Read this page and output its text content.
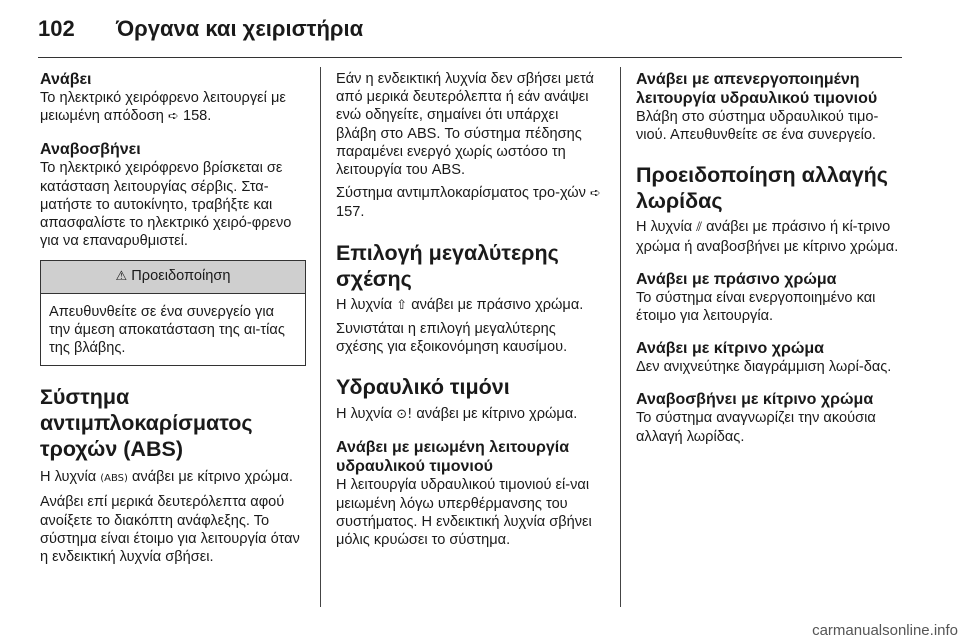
102	Όργανα και χειριστήρια
Ανάβει

Το ηλεκτρικό χειρόφρενο λειτουργεί με μειωμένη απόδοση ➪ 158.

Αναβοσβήνει

Το ηλεκτρικό χειρόφρενο βρίσκεται σε κατάσταση λειτουργίας σέρβις. Στα-ματήστε το αυτοκίνητο, τραβήξτε και απασφαλίστε το ηλεκτρικό χειρό-φρενο για να επαναρυθμιστεί.

⚠ Προειδοποίηση
Απευθυνθείτε σε ένα συνεργείο για την άμεση αποκατάσταση της αι-τίας της βλάβης.
Σύστημα αντιμπλοκαρίσματος τροχών (ABS)

Η λυχνία (ABS) ανάβει με κίτρινο χρώμα.

Ανάβει επί μερικά δευτερόλεπτα αφού ανοίξετε το διακόπτη ανάφλεξης. Το σύστημα είναι έτοιμο για λειτουργία όταν η ενδεικτική λυχνία σβήσει.

Εάν η ενδεικτική λυχνία δεν σβήσει μετά από μερικά δευτερόλεπτα ή εάν ανάψει ενώ οδηγείτε, σημαίνει ότι υπάρχει βλάβη στο ABS. Το σύστημα πέδησης παραμένει ενεργό χωρίς ωστόσο τη λειτουργία του ABS.

Σύστημα αντιμπλοκαρίσματος τρο-χών ➪ 157.

Επιλογή μεγαλύτερης σχέσης

Η λυχνία ⇧ ανάβει με πράσινο χρώμα.

Συνιστάται η επιλογή μεγαλύτερης σχέσης για εξοικονόμηση καυσίμου.

Υδραυλικό τιμόνι

Η λυχνία ⊙! ανάβει με κίτρινο χρώμα.

Ανάβει με μειωμένη λειτουργία υδραυλικού τιμονιού

Η λειτουργία υδραυλικού τιμονιού εί-ναι μειωμένη λόγω υπερθέρμανσης του συστήματος. Η ενδεικτική λυχνία σβήνει μόλις κρυώσει το σύστημα.

Ανάβει με απενεργοποιημένη λειτουργία υδραυλικού τιμονιού

Βλάβη στο σύστημα υδραυλικού τιμο-νιού. Απευθυνθείτε σε ένα συνεργείο.

Προειδοποίηση αλλαγής λωρίδας

Η λυχνία ⫽ ανάβει με πράσινο ή κί-τρινο χρώμα ή αναβοσβήνει με κίτρινο χρώμα.

Ανάβει με πράσινο χρώμα

Το σύστημα είναι ενεργοποιημένο και έτοιμο για λειτουργία.

Ανάβει με κίτρινο χρώμα

Δεν ανιχνεύτηκε διαγράμμιση λωρί-δας.

Αναβοσβήνει με κίτρινο χρώμα

Το σύστημα αναγνωρίζει την ακούσια αλλαγή λωρίδας.

carmanualsonline.info
